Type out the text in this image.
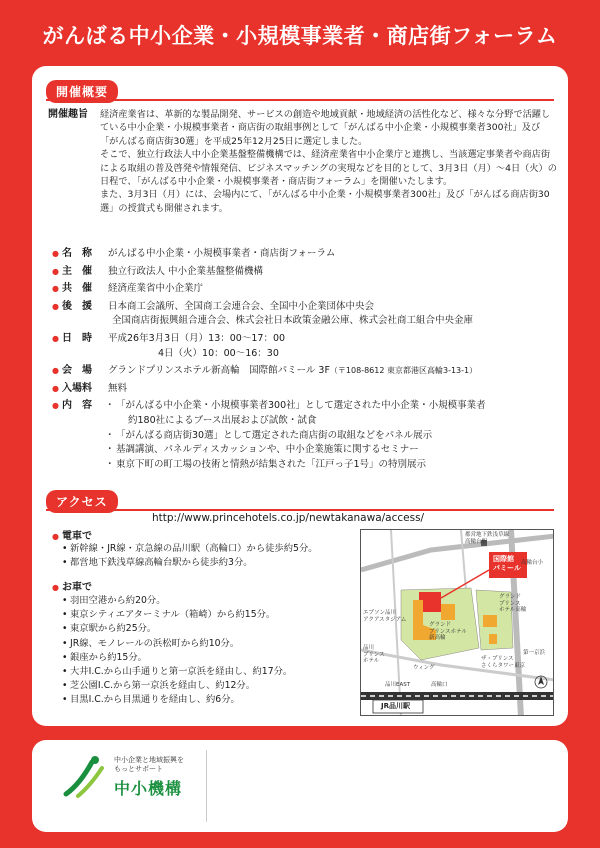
がんばる中小企業・小規模事業者・商店街フォーラム
開催概要
開催趣旨 経済産業省は、革新的な製品開発、サービスの創造や地域貢献・地域経済の活性化など、様々な分野で活躍している中小企業・小規模事業者・商店街の取組事例として「がんばる中小企業・小規模事業者300社」及び「がんばる商店街30選」を平成25年12月25日に選定しました。

そこで、独立行政法人中小企業基盤整備機構では、経済産業省中小企業庁と連携し、当該選定事業者や商店街による取組の普及啓発や情報発信、ビジネスマッチングの実現などを目的として、3月3日（月）〜4日（火）の日程で、「がんばる中小企業・小規模事業者・商店街フォーラム」を開催いたします。

また、3月3日（月）には、会場内にて、「がんばる中小企業・小規模事業者300社」及び「がんばる商店街30選」の授賞式も開催されます。

● 名　称 がんばる中小企業・小規模事業者・商店街フォーラム
● 主　催 独立行政法人 中小企業基盤整備機構
● 共　催 経済産業省中小企業庁
● 後　援 日本商工会議所、全国商工会連合会、全国中小企業団体中央会

全国商店街振興組合連合会、株式会社日本政策金融公庫、株式会社商工組合中央金庫

● 日　時 平成26年3月3日（月）13：00〜17：00

4日（火）10：00〜16：30

● 会　場 グランドプリンスホテル新高輪　国際館パミール 3F（〒108-8612 東京都港区高輪3-13-1）
● 入場料 無料
● 内　容
・	「がんばる中小企業・小規模事業者300社」として選定された中小企業・小規模事業者
約180社によるブース出展および試飲・試食
・ 「がんばる商店街30選」として選定された商店街の取組などをパネル展示
・ 基調講演、パネルディスカッションや、中小企業施策に関するセミナー
・ 東京下町の町工場の技術と情熱が結集された「江戸っ子1号」の特別展示
アクセス
http://www.princehotels.co.jp/newtakanawa/access/
● 電車で
• 新幹線・JR線・京急線の品川駅（高輪口）から徒歩約5分。
• 都営地下鉄浅草線高輪台駅から徒歩約3分。
● お車で
• 羽田空港から約20分。
• 東京シティエアターミナル（箱崎）から約15分。
• 東京駅から約25分。
• JR線、モノレールの浜松町から約10分。
• 銀座から約15分。
• 大井I.C.から山手通りと第一京浜を経由し、約17分。
• 芝公園I.C.から第一京浜を経由し、約12分。
• 目黒I.C.から目黒通りを経由し、約6分。
国際館
パミール
都営地下鉄浅草線
高輪台駅
グランド
プリンスホテル
新高輪
グランド
プリンス
ホテル高輪
ザ・プリンス
さくらタワー東京
エプソン品川
アクアスタジアム
品川
プリンス
ホテル
高輪台小
ウィング
品川EAST	高輪口
第一京浜
JR品川駅
中小企業と地域振興を
もっとサポート
中小機構
